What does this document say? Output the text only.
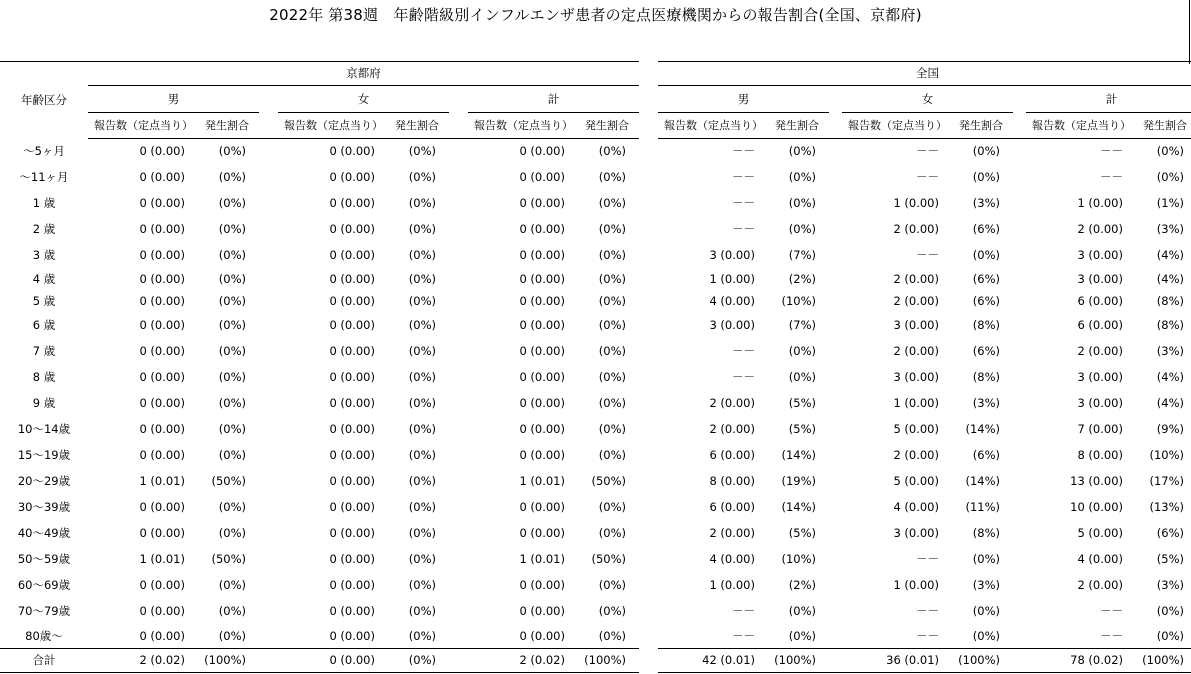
2022年 第38週　年齢階級別インフルエンザ患者の定点医療機関からの報告割合(全国、京都府)
年齢区分	京都府									全国							
	男			女			計			男			女			計	
	報告数（定点当り）	発生割合		報告数（定点当り）	発生割合		報告数（定点当り）	発生割合		報告数（定点当り）	発生割合		報告数（定点当り）	発生割合		報告数（定点当り）	発生割合
～5ヶ月	0 (0.00)	(0%)		0 (0.00)	(0%)		0 (0.00)	(0%)		－－	(0%)		－－	(0%)		－－	(0%)
～11ヶ月	0 (0.00)	(0%)		0 (0.00)	(0%)		0 (0.00)	(0%)		－－	(0%)		－－	(0%)		－－	(0%)
1 歳	0 (0.00)	(0%)		0 (0.00)	(0%)		0 (0.00)	(0%)		－－	(0%)		1 (0.00)	(3%)		1 (0.00)	(1%)
2 歳	0 (0.00)	(0%)		0 (0.00)	(0%)		0 (0.00)	(0%)		－－	(0%)		2 (0.00)	(6%)		2 (0.00)	(3%)
3 歳	0 (0.00)	(0%)		0 (0.00)	(0%)		0 (0.00)	(0%)		3 (0.00)	(7%)		－－	(0%)		3 (0.00)	(4%)
4 歳	0 (0.00)	(0%)		0 (0.00)	(0%)		0 (0.00)	(0%)		1 (0.00)	(2%)		2 (0.00)	(6%)		3 (0.00)	(4%)
5 歳	0 (0.00)	(0%)		0 (0.00)	(0%)		0 (0.00)	(0%)		4 (0.00)	(10%)		2 (0.00)	(6%)		6 (0.00)	(8%)
6 歳	0 (0.00)	(0%)		0 (0.00)	(0%)		0 (0.00)	(0%)		3 (0.00)	(7%)		3 (0.00)	(8%)		6 (0.00)	(8%)
7 歳	0 (0.00)	(0%)		0 (0.00)	(0%)		0 (0.00)	(0%)		－－	(0%)		2 (0.00)	(6%)		2 (0.00)	(3%)
8 歳	0 (0.00)	(0%)		0 (0.00)	(0%)		0 (0.00)	(0%)		－－	(0%)		3 (0.00)	(8%)		3 (0.00)	(4%)
9 歳	0 (0.00)	(0%)		0 (0.00)	(0%)		0 (0.00)	(0%)		2 (0.00)	(5%)		1 (0.00)	(3%)		3 (0.00)	(4%)
10～14歳	0 (0.00)	(0%)		0 (0.00)	(0%)		0 (0.00)	(0%)		2 (0.00)	(5%)		5 (0.00)	(14%)		7 (0.00)	(9%)
15～19歳	0 (0.00)	(0%)		0 (0.00)	(0%)		0 (0.00)	(0%)		6 (0.00)	(14%)		2 (0.00)	(6%)		8 (0.00)	(10%)
20～29歳	1 (0.01)	(50%)		0 (0.00)	(0%)		1 (0.01)	(50%)		8 (0.00)	(19%)		5 (0.00)	(14%)		13 (0.00)	(17%)
30～39歳	0 (0.00)	(0%)		0 (0.00)	(0%)		0 (0.00)	(0%)		6 (0.00)	(14%)		4 (0.00)	(11%)		10 (0.00)	(13%)
40～49歳	0 (0.00)	(0%)		0 (0.00)	(0%)		0 (0.00)	(0%)		2 (0.00)	(5%)		3 (0.00)	(8%)		5 (0.00)	(6%)
50～59歳	1 (0.01)	(50%)		0 (0.00)	(0%)		1 (0.01)	(50%)		4 (0.00)	(10%)		－－	(0%)		4 (0.00)	(5%)
60～69歳	0 (0.00)	(0%)		0 (0.00)	(0%)		0 (0.00)	(0%)		1 (0.00)	(2%)		1 (0.00)	(3%)		2 (0.00)	(3%)
70～79歳	0 (0.00)	(0%)		0 (0.00)	(0%)		0 (0.00)	(0%)		－－	(0%)		－－	(0%)		－－	(0%)
80歳～	0 (0.00)	(0%)		0 (0.00)	(0%)		0 (0.00)	(0%)		－－	(0%)		－－	(0%)		－－	(0%)
合計	2 (0.02)	(100%)		0 (0.00)	(0%)		2 (0.02)	(100%)		42 (0.01)	(100%)		36 (0.01)	(100%)		78 (0.02)	(100%)
